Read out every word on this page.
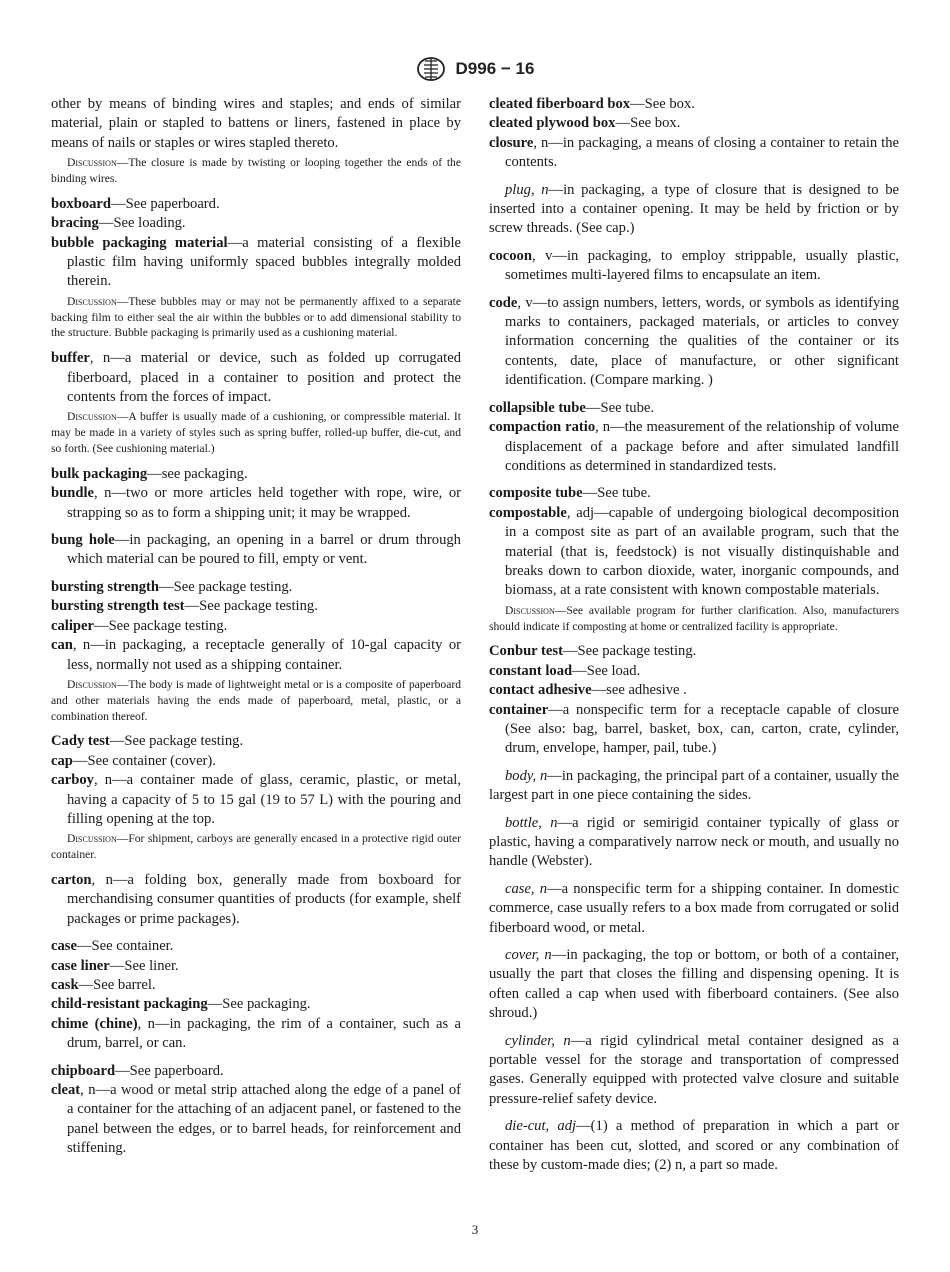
D996 − 16

other by means of binding wires and staples; and ends of similar material, plain or stapled to battens or liners, fastened in place by means of nails or staples or wires stapled thereto.

Discussion—The closure is made by twisting or looping together the ends of the binding wires.

boxboard—See paperboard.

bracing—See loading.

bubble packaging material—a material consisting of a flexible plastic film having uniformly spaced bubbles integrally molded therein.

Discussion—These bubbles may or may not be permanently affixed to a separate backing film to either seal the air within the bubbles or to add dimensional stability to the structure. Bubble packaging is primarily used as a cushioning material.

buffer, n—a material or device, such as folded up corrugated fiberboard, placed in a container to position and protect the contents from the forces of impact.

Discussion—A buffer is usually made of a cushioning, or compressible material. It may be made in a variety of styles such as spring buffer, rolled-up buffer, die-cut, and so forth. (See cushioning material.)

bulk packaging—see packaging.

bundle, n—two or more articles held together with rope, wire, or strapping so as to form a shipping unit; it may be wrapped.

bung hole—in packaging, an opening in a barrel or drum through which material can be poured to fill, empty or vent.

bursting strength—See package testing.

bursting strength test—See package testing.

caliper—See package testing.

can, n—in packaging, a receptacle generally of 10-gal capacity or less, normally not used as a shipping container.

Discussion—The body is made of lightweight metal or is a composite of paperboard and other materials having the ends made of paperboard, metal, plastic, or a combination thereof.

Cady test—See package testing.

cap—See container (cover).

carboy, n—a container made of glass, ceramic, plastic, or metal, having a capacity of 5 to 15 gal (19 to 57 L) with the pouring and filling opening at the top.

Discussion—For shipment, carboys are generally encased in a protective rigid outer container.

carton, n—a folding box, generally made from boxboard for merchandising consumer quantities of products (for example, shelf packages or prime packages).

case—See container.

case liner—See liner.

cask—See barrel.

child-resistant packaging—See packaging.

chime (chine), n—in packaging, the rim of a container, such as a drum, barrel, or can.

chipboard—See paperboard.

cleat, n—a wood or metal strip attached along the edge of a panel of a container for the attaching of an adjacent panel, or fastened to the panel between the edges, or to barrel heads, for reinforcement and stiffening.

cleated fiberboard box—See box.

cleated plywood box—See box.

closure, n—in packaging, a means of closing a container to retain the contents.

plug, n—in packaging, a type of closure that is designed to be inserted into a container opening. It may be held by friction or by screw threads. (See cap.)

cocoon, v—in packaging, to employ strippable, usually plastic, sometimes multi-layered films to encapsulate an item.

code, v—to assign numbers, letters, words, or symbols as identifying marks to containers, packaged materials, or articles to convey information concerning the qualities of the container or its contents, date, place of manufacture, or other significant identification. (Compare marking. )

collapsible tube—See tube.

compaction ratio, n—the measurement of the relationship of volume displacement of a package before and after simulated landfill conditions as determined in standardized tests.

composite tube—See tube.

compostable, adj—capable of undergoing biological decomposition in a compost site as part of an available program, such that the material (that is, feedstock) is not visually distinquishable and breaks down to carbon dioxide, water, inorganic compounds, and biomass, at a rate consistent with known compostable materials.

Discussion—See available program for further clarification. Also, manufacturers should indicate if composting at home or centralized facility is appropriate.

Conbur test—See package testing.

constant load—See load.

contact adhesive—see adhesive .

container—a nonspecific term for a receptacle capable of closure (See also: bag, barrel, basket, box, can, carton, crate, cylinder, drum, envelope, hamper, pail, tube.)

body, n—in packaging, the principal part of a container, usually the largest part in one piece containing the sides.

bottle, n—a rigid or semirigid container typically of glass or plastic, having a comparatively narrow neck or mouth, and usually no handle (Webster).

case, n—a nonspecific term for a shipping container. In domestic commerce, case usually refers to a box made from corrugated or solid fiberboard wood, or metal.

cover, n—in packaging, the top or bottom, or both of a container, usually the part that closes the filling and dispensing opening. It is often called a cap when used with fiberboard containers. (See also shroud.)

cylinder, n—a rigid cylindrical metal container designed as a portable vessel for the storage and transportation of compressed gases. Generally equipped with protected valve closure and suitable pressure-relief safety device.

die-cut, adj—(1) a method of preparation in which a part or container has been cut, slotted, and scored or any combination of these by custom-made dies; (2) n, a part so made.

3
